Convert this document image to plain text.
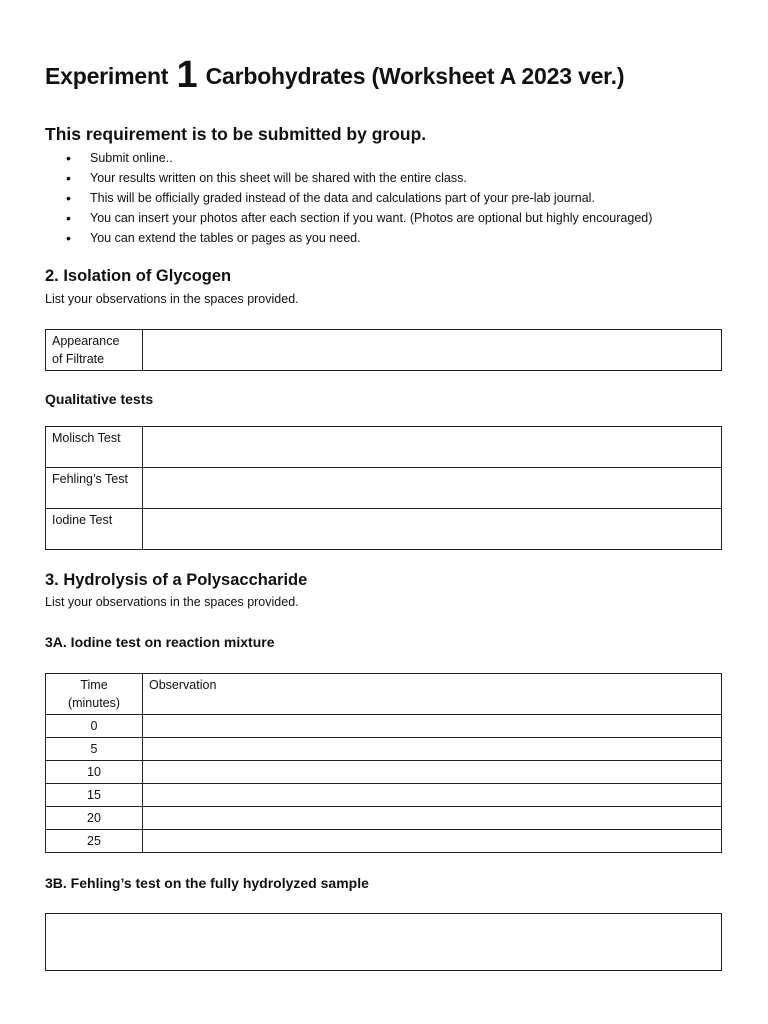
Experiment 1 Carbohydrates (Worksheet A 2023 ver.)
This requirement is to be submitted by group.
• Submit online..
• Your results written on this sheet will be shared with the entire class.
• This will be officially graded instead of the data and calculations part of your pre-lab journal.
• You can insert your photos after each section if you want. (Photos are optional but highly encouraged)
• You can extend the tables or pages as you need.
2. Isolation of Glycogen
List your observations in the spaces provided.
Appearance
of Filtrate

Qualitative tests
Molisch Test	
Fehling’s Test	
Iodine Test	
3. Hydrolysis of a Polysaccharide
List your observations in the spaces provided.
3A. Iodine test on reaction mixture
Time
(minutes)	Observation
0	
5	
10	
15	
20	
25	
3B. Fehling’s test on the fully hydrolyzed sample
